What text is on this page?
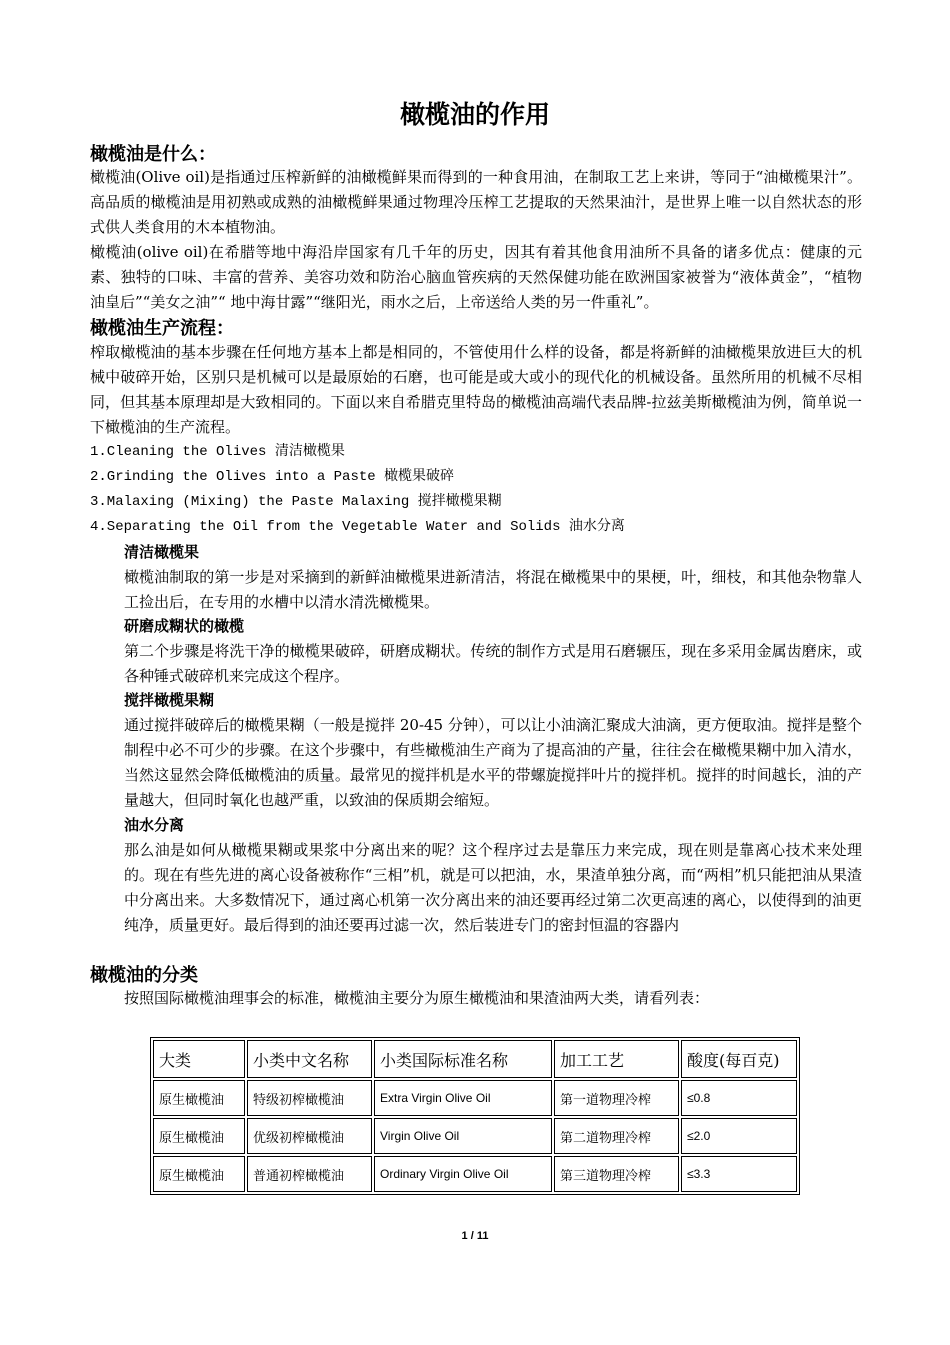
橄榄油的作用
橄榄油是什么：
橄榄油(Olive oil)是指通过压榨新鲜的油橄榄鲜果而得到的一种食用油，在制取工艺上来讲，等同于“油橄榄果汁”。高品质的橄榄油是用初熟或成熟的油橄榄鲜果通过物理冷压榨工艺提取的天然果油汁，是世界上唯一以自然状态的形式供人类食用的木本植物油。
橄榄油(olive oil)在希腊等地中海沿岸国家有几千年的历史，因其有着其他食用油所不具备的诸多优点：健康的元素、独特的口味、丰富的营养、美容功效和防治心脑血管疾病的天然保健功能在欧洲国家被誉为“液体黄金”，“植物油皇后”“美女之油”“ 地中海甘露”“继阳光，雨水之后，上帝送给人类的另一件重礼”。
橄榄油生产流程：
榨取橄榄油的基本步骤在任何地方基本上都是相同的，不管使用什么样的设备，都是将新鲜的油橄榄果放进巨大的机械中破碎开始，区别只是机械可以是最原始的石磨，也可能是或大或小的现代化的机械设备。虽然所用的机械不尽相同，但其基本原理却是大致相同的。下面以来自希腊克里特岛的橄榄油高端代表品牌-拉兹美斯橄榄油为例，简单说一下橄榄油的生产流程。
1.Cleaning the Olives 清洁橄榄果
2.Grinding the Olives into a Paste 橄榄果破碎
3.Malaxing (Mixing) the Paste Malaxing 搅拌橄榄果糊
4.Separating the Oil from the Vegetable Water and Solids 油水分离
清洁橄榄果
橄榄油制取的第一步是对采摘到的新鲜油橄榄果进新清洁，将混在橄榄果中的果梗，叶，细枝，和其他杂物靠人工捡出后，在专用的水槽中以清水清洗橄榄果。
研磨成糊状的橄榄
第二个步骤是将洗干净的橄榄果破碎，研磨成糊状。传统的制作方式是用石磨辗压，现在多采用金属齿磨床，或各种锤式破碎机来完成这个程序。
搅拌橄榄果糊
通过搅拌破碎后的橄榄果糊（一般是搅拌 20-45 分钟），可以让小油滴汇聚成大油滴，更方便取油。搅拌是整个制程中必不可少的步骤。在这个步骤中，有些橄榄油生产商为了提高油的产量，往往会在橄榄果糊中加入清水，当然这显然会降低橄榄油的质量。最常见的搅拌机是水平的带螺旋搅拌叶片的搅拌机。搅拌的时间越长，油的产量越大，但同时氧化也越严重，以致油的保质期会缩短。
油水分离
那么油是如何从橄榄果糊或果浆中分离出来的呢？这个程序过去是靠压力来完成，现在则是靠离心技术来处理的。现在有些先进的离心设备被称作“三相”机，就是可以把油，水，果渣单独分离，而“两相”机只能把油从果渣中分离出来。大多数情况下，通过离心机第一次分离出来的油还要再经过第二次更高速的离心，以使得到的油更纯净，质量更好。最后得到的油还要再过滤一次，然后装进专门的密封恒温的容器内
橄榄油的分类
按照国际橄榄油理事会的标准，橄榄油主要分为原生橄榄油和果渣油两大类，请看列表：
大类	小类中文名称	小类国际标准名称	加工工艺	酸度(每百克)
原生橄榄油	特级初榨橄榄油	Extra Virgin Olive Oil	第一道物理冷榨	≤0.8
原生橄榄油	优级初榨橄榄油	Virgin Olive Oil	第二道物理冷榨	≤2.0
原生橄榄油	普通初榨橄榄油	Ordinary Virgin Olive Oil	第三道物理冷榨	≤3.3
1 / 11
